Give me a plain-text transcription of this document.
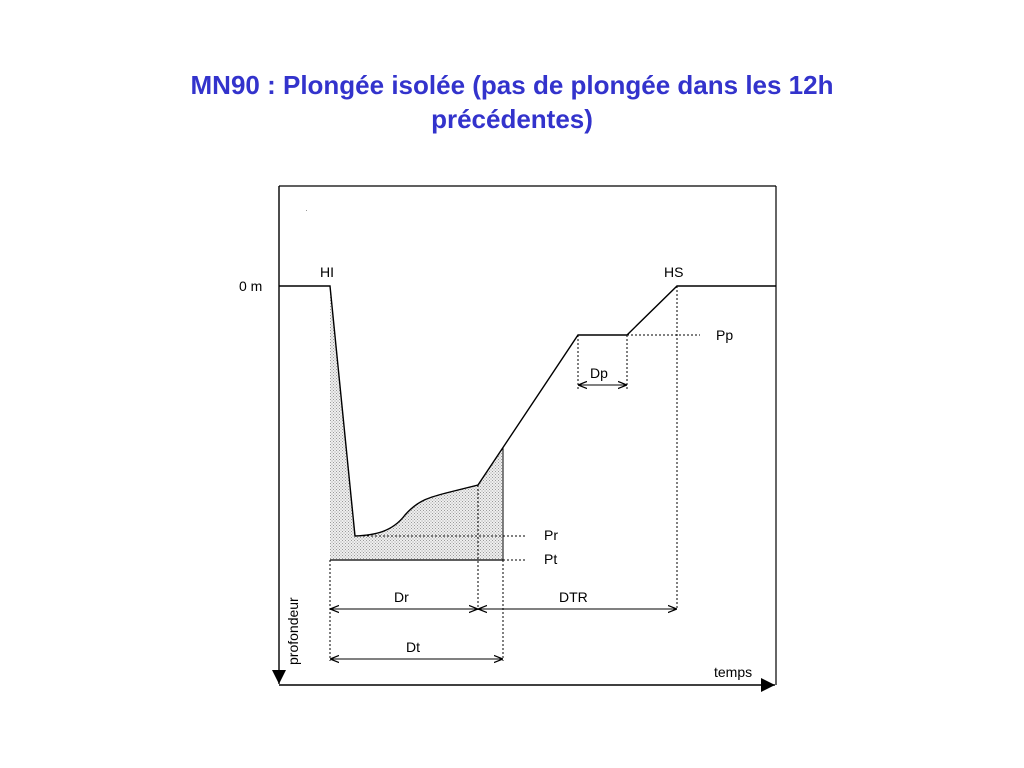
MN90 : Plongée isolée (pas de plongée dans les 12h
précédentes)
0 m
HI	HS
Pp
Dp
Pr
Pt
Dr	DTR
Dt
profondeur
temps
